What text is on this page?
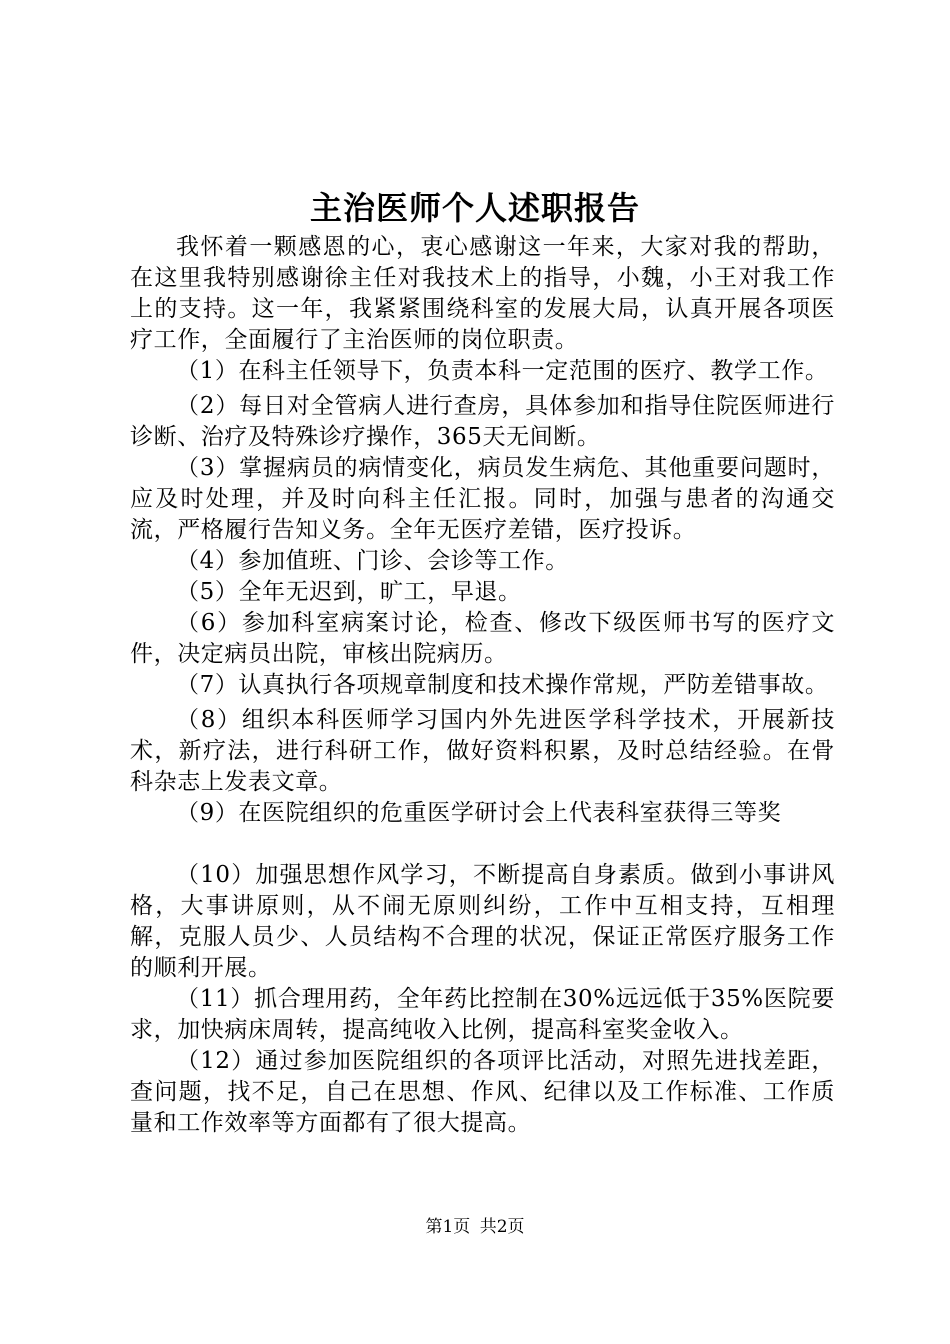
主治医师个人述职报告

我怀着一颗感恩的心，衷心感谢这一年来，大家对我的帮助，在这里我特别感谢徐主任对我技术上的指导，小魏，小王对我工作上的支持。这一年，我紧紧围绕科室的发展大局，认真开展各项医疗工作，全面履行了主治医师的岗位职责。

（1）在科主任领导下，负责本科一定范围的医疗、教学工作。

（2）每日对全管病人进行查房，具体参加和指导住院医师进行诊断、治疗及特殊诊疗操作，365天无间断。

（3）掌握病员的病情变化，病员发生病危、其他重要问题时，应及时处理，并及时向科主任汇报。同时，加强与患者的沟通交流，严格履行告知义务。全年无医疗差错，医疗投诉。

（4）参加值班、门诊、会诊等工作。

（5）全年无迟到，旷工，早退。

（6）参加科室病案讨论，检查、修改下级医师书写的医疗文件，决定病员出院，审核出院病历。

（7）认真执行各项规章制度和技术操作常规，严防差错事故。

（8）组织本科医师学习国内外先进医学科学技术，开展新技术，新疗法，进行科研工作，做好资料积累，及时总结经验。在骨科杂志上发表文章。

（9）在医院组织的危重医学研讨会上代表科室获得三等奖

（10）加强思想作风学习，不断提高自身素质。做到小事讲风格，大事讲原则，从不闹无原则纠纷，工作中互相支持，互相理解，克服人员少、人员结构不合理的状况，保证正常医疗服务工作的顺利开展。

（11）抓合理用药，全年药比控制在30%远远低于35%医院要求，加快病床周转，提高纯收入比例，提高科室奖金收入。

（12）通过参加医院组织的各项评比活动，对照先进找差距，查问题，找不足，自己在思想、作风、纪律以及工作标准、工作质量和工作效率等方面都有了很大提高。

第1页 共2页
